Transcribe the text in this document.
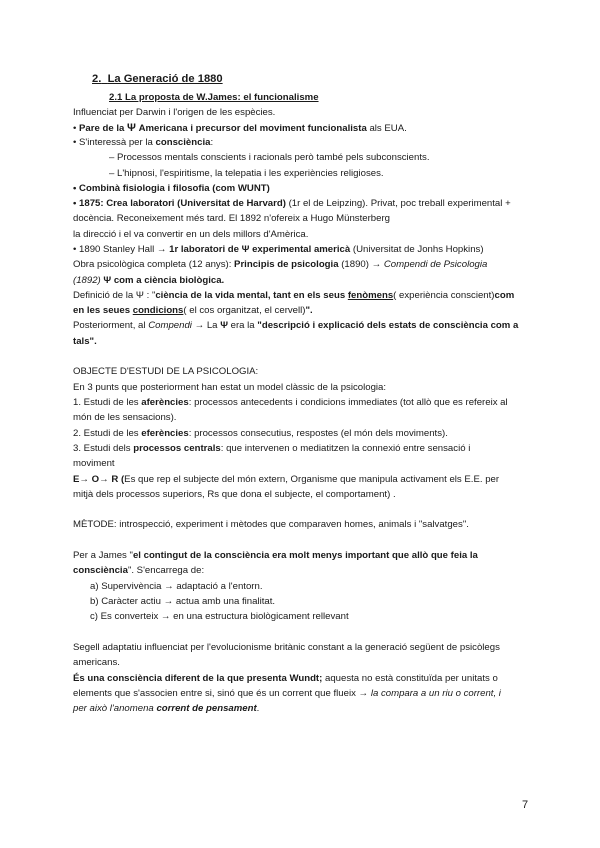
2. La Generació de 1880
2.1 La proposta de W.James: el funcionalisme
Influenciat per Darwin i l'origen de les espècies.
• Pare de la Ψ Americana i precursor del moviment funcionalista als EUA.
• S'interessà per la consciència:
– Processos mentals conscients i racionals però també pels subconscients.
– L'hipnosi, l'espiritisme, la telepatia i les experiències religioses.
• Combinà fisiologia i filosofia (com WUNT)
• 1875: Crea laboratori (Universitat de Harvard) (1r el de Leipzing). Privat, poc treball experimental +
docència. Reconeixement més tard. El 1892 n'ofereix a Hugo Münsterberg
la direcció i el va convertir en un dels millors d'Amèrica.
• 1890 Stanley Hall → 1r laboratori de Ψ experimental americà (Universitat de Jonhs Hopkins)
Obra psicològica completa (12 anys): Principis de psicologia (1890) → Compendi de Psicologia
(1892) Ψ com a ciència biològica.
Definició de la Ψ : "ciència de la vida mental, tant en els seus fenòmens( experiència conscient)com
en les seues condicions( el cos organitzat, el cervell)".
Posteriorment, al Compendi → La Ψ era la "descripció i explicació dels estats de consciència com a
tals".
OBJECTE D'ESTUDI DE LA PSICOLOGIA:
En 3 punts que posteriorment han estat un model clàssic de la psicologia:
1. Estudi de les aferències: processos antecedents i condicions immediates (tot allò que es refereix al
món de les sensacions).
2. Estudi de les eferències: processos consecutius, respostes (el món dels moviments).
3. Estudi dels processos centrals: que intervenen o mediatitzen la connexió entre sensació i
moviment
E→ O→ R (Es que rep el subjecte del món extern, Organisme que manipula activament els E.E. per
mitjà dels processos superiors, Rs que dona el subjecte, el comportament) .
MÈTODE: introspecció, experiment i mètodes que comparaven homes, animals i "salvatges".
Per a James "el contingut de la consciència era molt menys important que allò que feia la
consciència". S'encarrega de:
a) Supervivència → adaptació a l'entorn.
b) Caràcter actiu → actua amb una finalitat.
c) Es converteix → en una estructura biològicament rellevant
Segell adaptatiu influenciat per l'evolucionisme britànic constant a la generació següent de psicòlegs
americans.
És una consciència diferent de la que presenta Wundt; aquesta no està constituïda per unitats o
elements que s'associen entre si, sinó que és un corrent que flueix → la compara a un riu o corrent, i
per això l'anomena corrent de pensament.
7
